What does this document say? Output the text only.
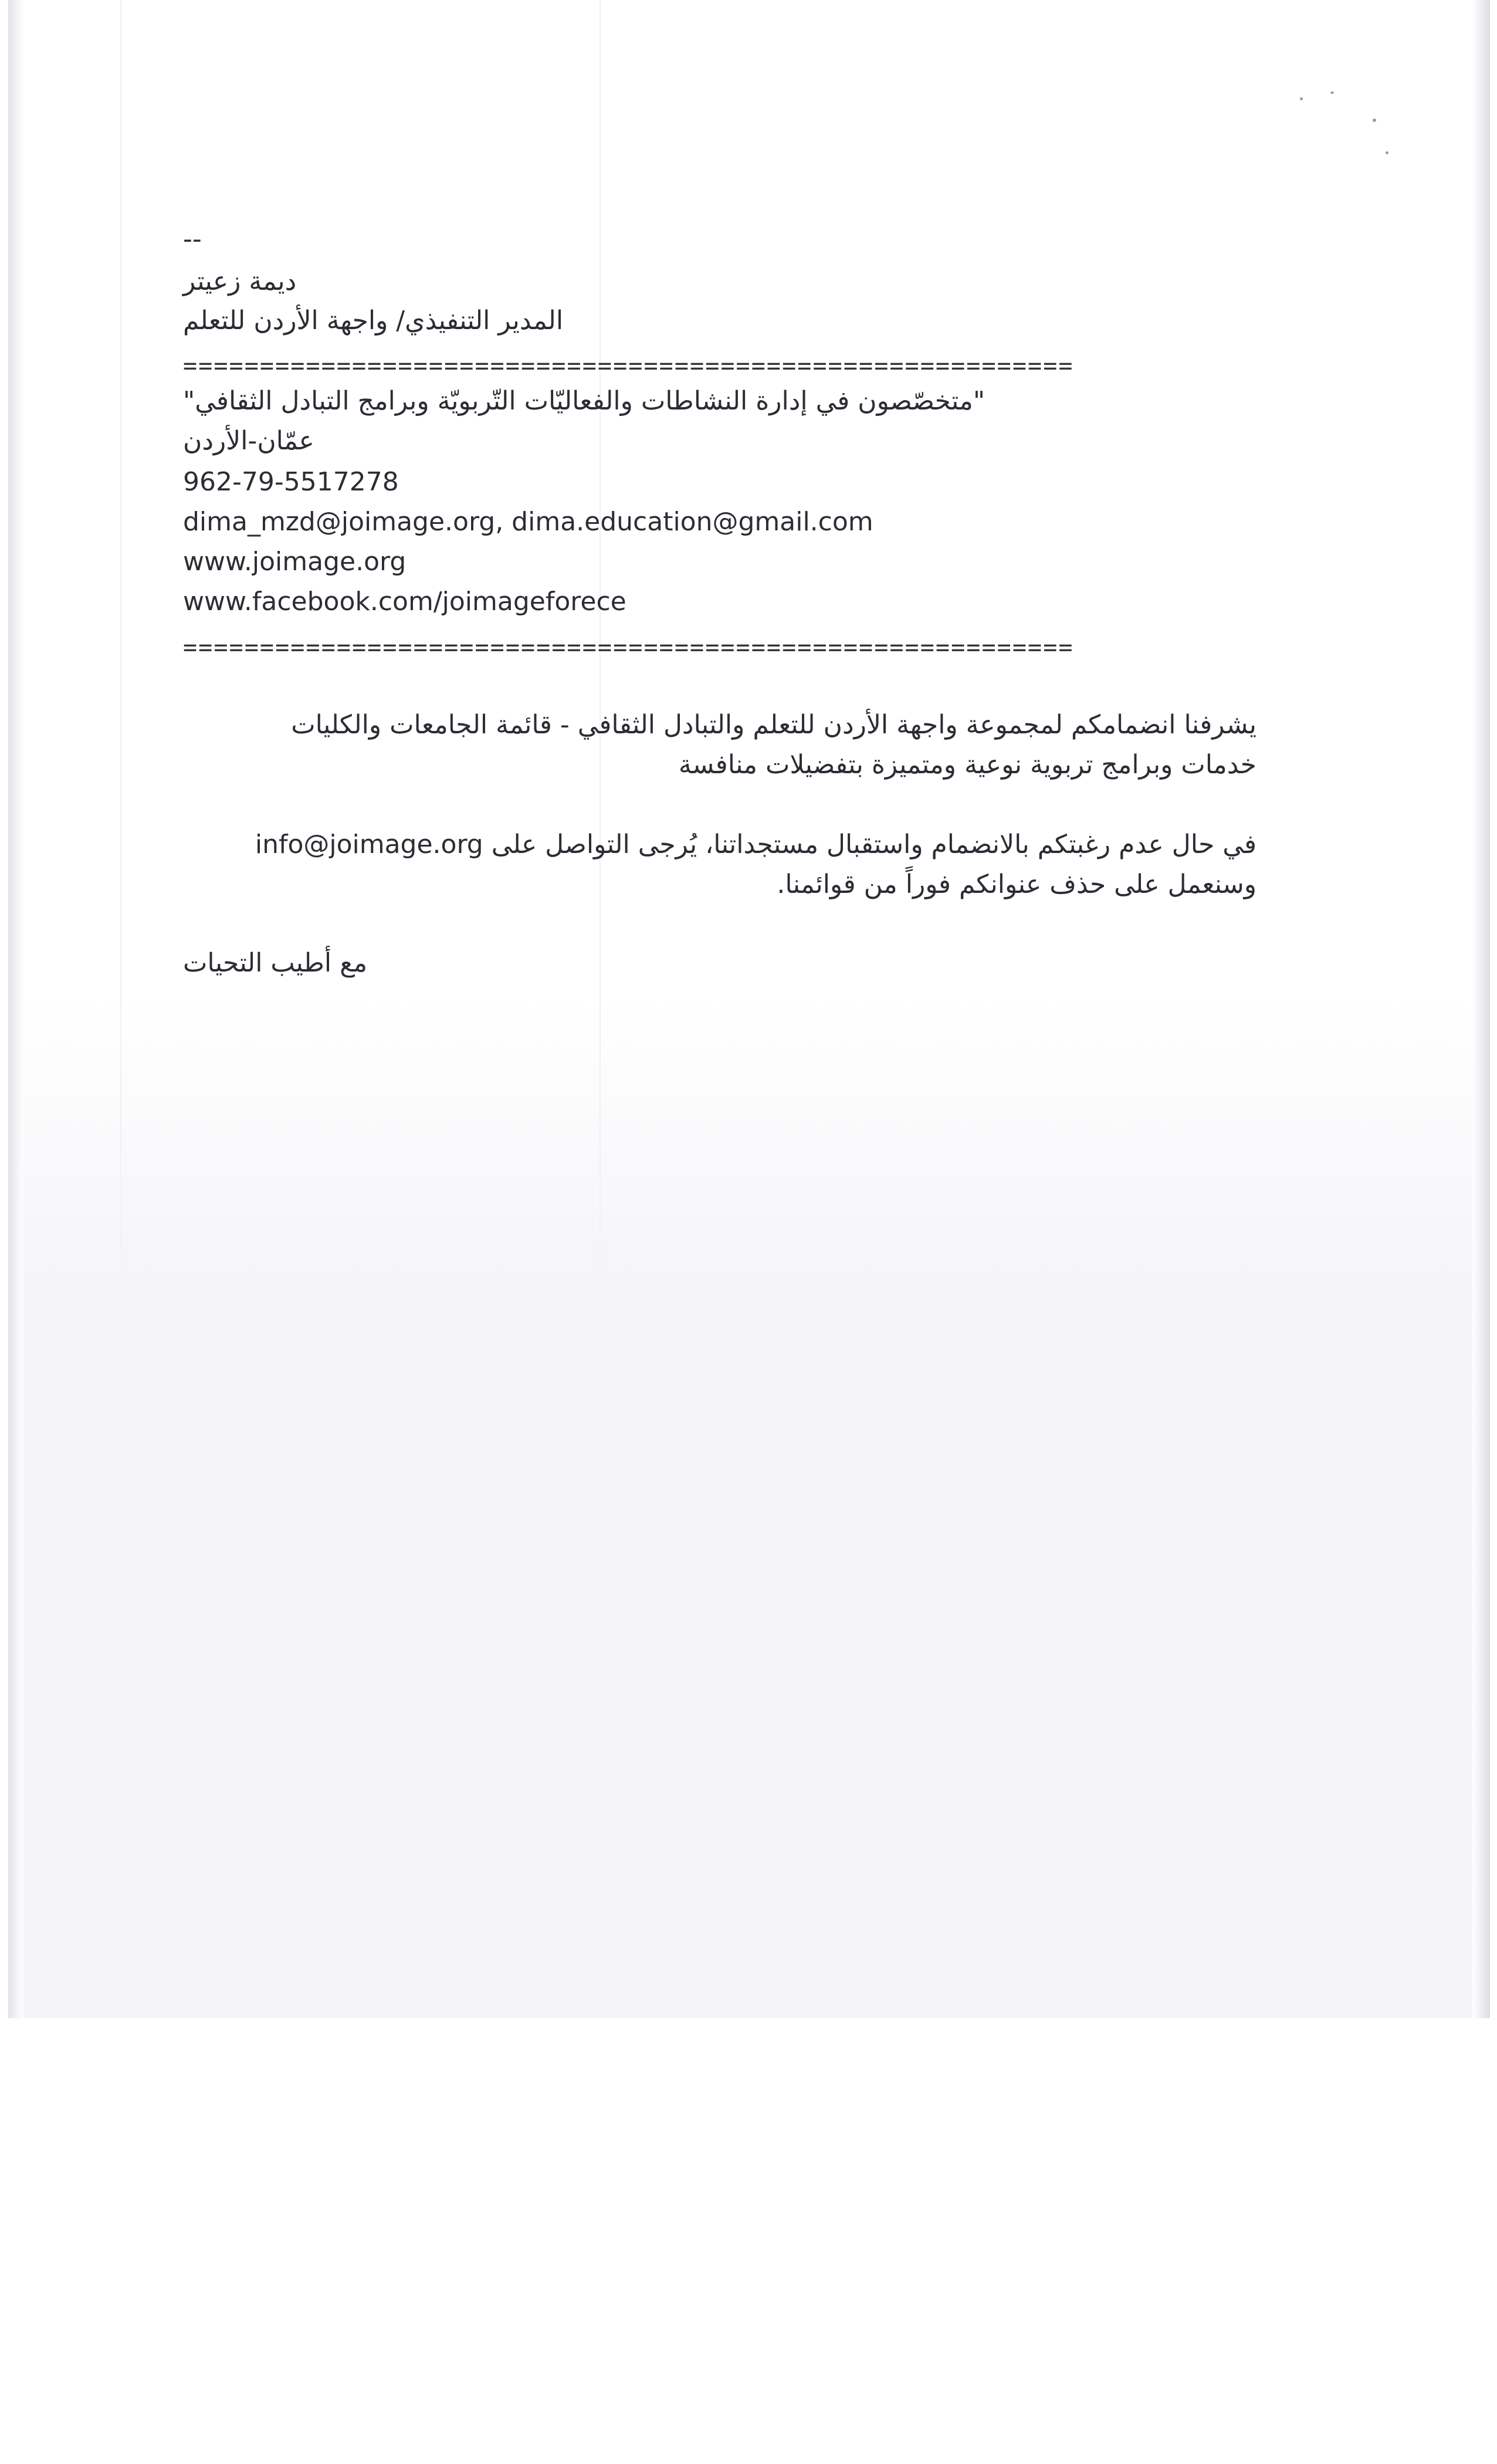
--
ديمة زعيتر
المدير التنفيذي/ واجهة الأردن للتعلم
==========================================================
"متخصّصون في إدارة النشاطات والفعاليّات التّربويّة وبرامج التبادل الثقافي"
عمّان-الأردن
962-79-5517278
dima_mzd@joimage.org, dima.education@gmail.com
www.joimage.org
www.facebook.com/joimageforece
==========================================================
يشرفنا انضمامكم لمجموعة واجهة الأردن للتعلم والتبادل الثقافي - قائمة الجامعات والكليات
خدمات وبرامج تربوية نوعية ومتميزة بتفضيلات منافسة
في حال عدم رغبتكم بالانضمام واستقبال مستجداتنا، يُرجى التواصل على info@joimage.org
وسنعمل على حذف عنوانكم فوراً من قوائمنا.
مع أطيب التحيات
